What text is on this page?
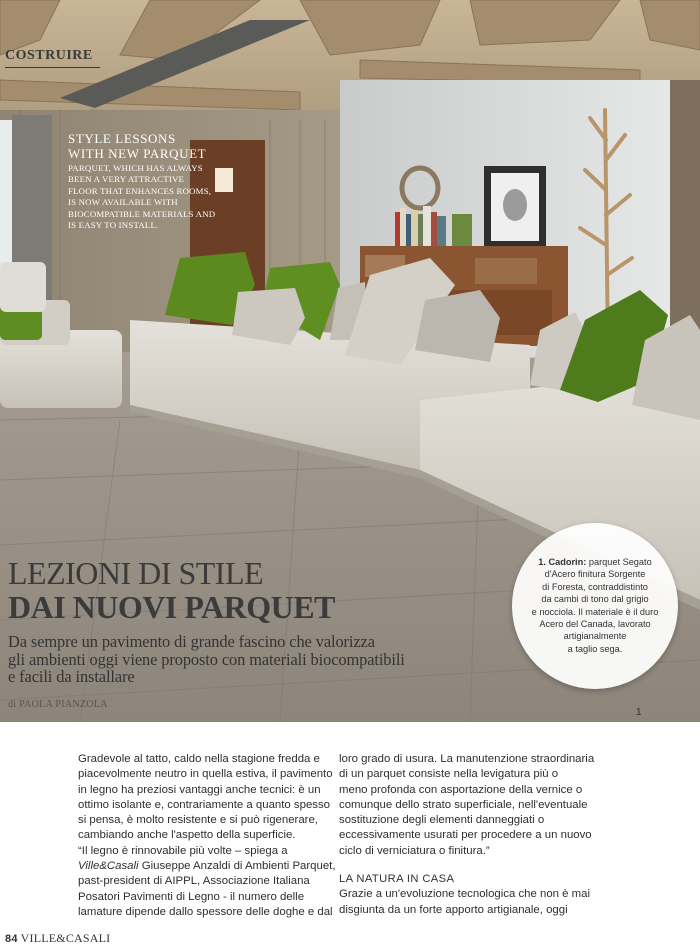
COSTRUIRE
STYLE LESSONS
WITH NEW PARQUET
PARQUET, WHICH HAS ALWAYS
BEEN A VERY ATTRACTIVE
FLOOR THAT ENHANCES ROOMS,
IS NOW AVAILABLE WITH
BIOCOMPATIBLE MATERIALS AND
IS EASY TO INSTALL.
LEZIONI DI STILE
DAI NUOVI PARQUET
Da sempre un pavimento di grande fascino che valorizza
gli ambienti oggi viene proposto con materiali biocompatibili
e facili da installare
di PAOLA PIANZOLA
1. Cadorin: parquet Segato
d'Acero finitura Sorgente
di Foresta, contraddistinto
da cambi di tono dal grigio
e nocciola. Il materiale è il duro
Acero del Canada, lavorato
artigianalmente
a taglio sega.
1

Gradevole al tatto, caldo nella stagione fredda e

piacevolmente neutro in quella estiva, il pavimento

in legno ha preziosi vantaggi anche tecnici: è un

ottimo isolante e, contrariamente a quanto spesso

si pensa, è molto resistente e si può rigenerare,

cambiando anche l'aspetto della superficie.

“Il legno è rinnovabile più volte – spiega a

Ville&Casali Giuseppe Anzaldi di Ambienti Parquet,

past-president di AIPPL, Associazione Italiana

Posatori Pavimenti di Legno - il numero delle

lamature dipende dallo spessore delle doghe e dal

loro grado di usura. La manutenzione straordinaria

di un parquet consiste nella levigatura più o

meno profonda con asportazione della vernice o

comunque dello strato superficiale, nell'eventuale

sostituzione degli elementi danneggiati o

eccessivamente usurati per procedere a un nuovo

ciclo di verniciatura o finitura.”

LA NATURA IN CASA

Grazie a un'evoluzione tecnologica che non è mai

disgiunta da un forte apporto artigianale, oggi

84 VILLE&CASALI
